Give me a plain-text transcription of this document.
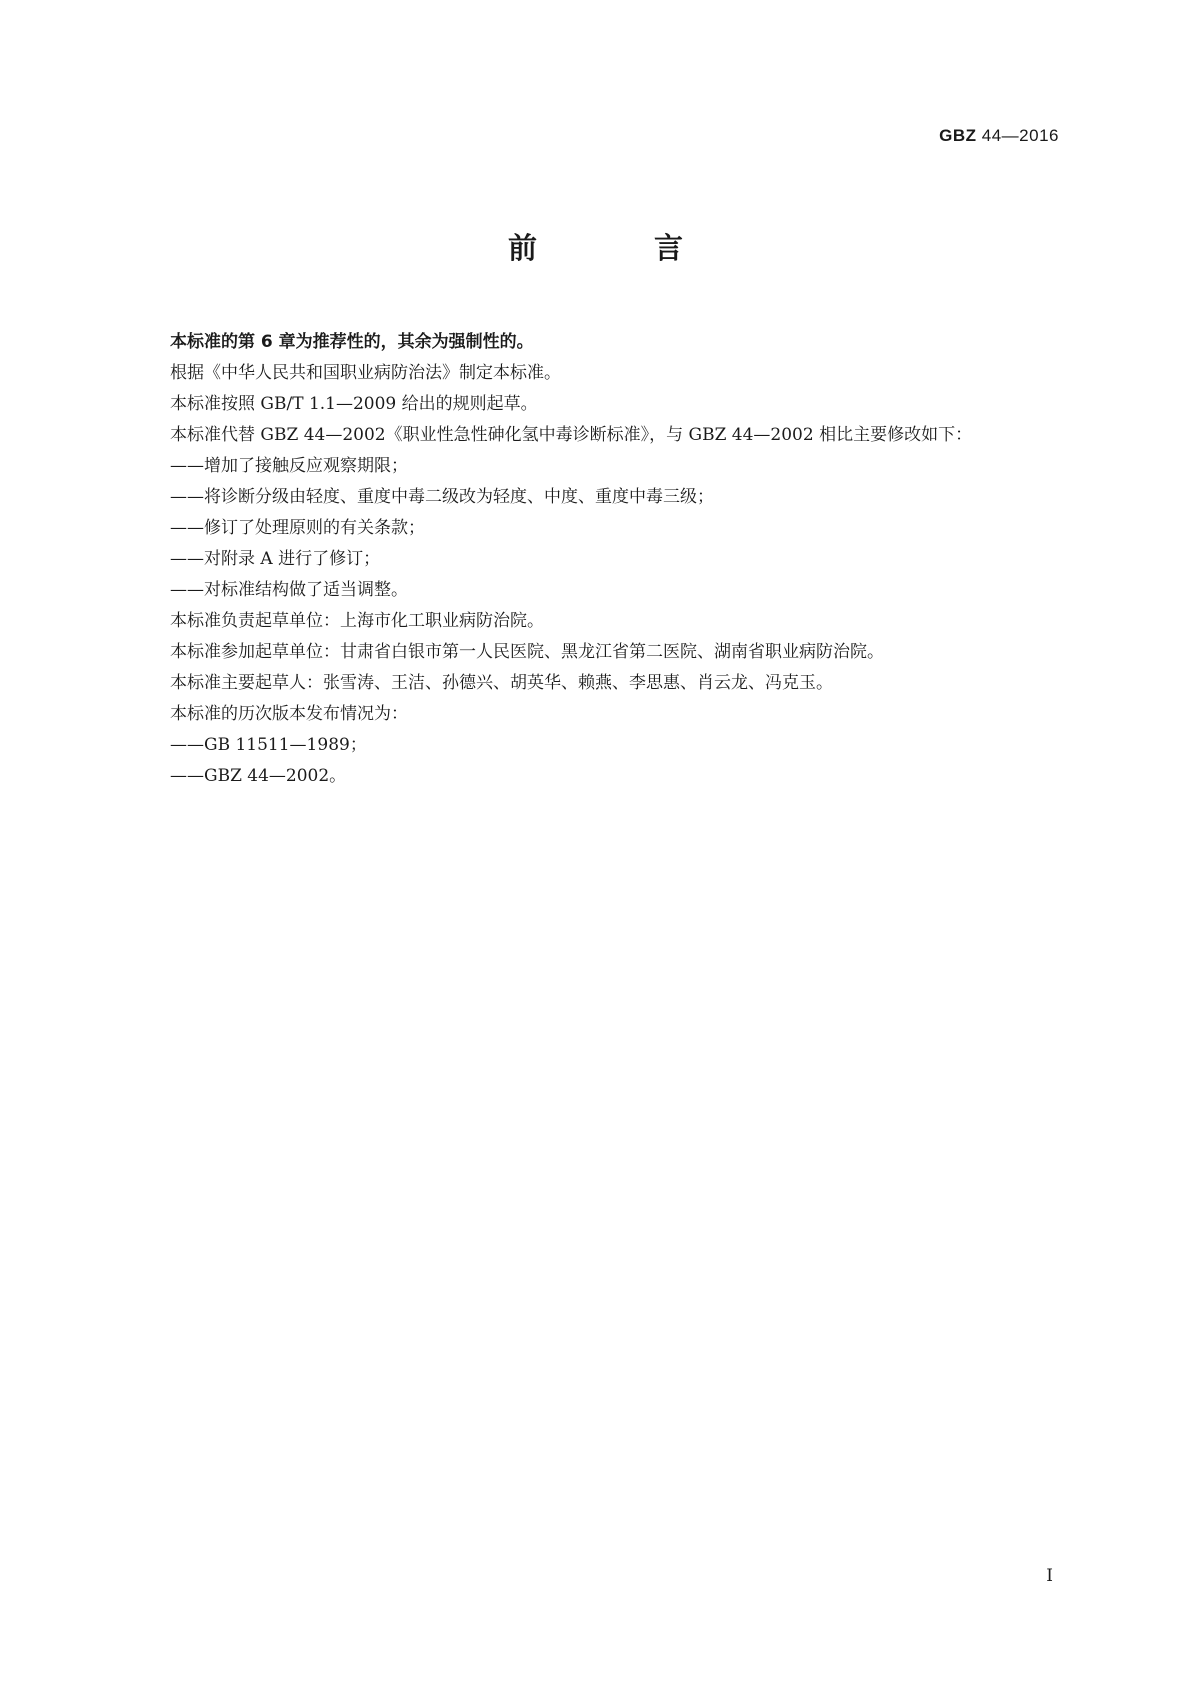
GBZ 44—2016
前　言

本标准的第 6 章为推荐性的，其余为强制性的。

根据《中华人民共和国职业病防治法》制定本标准。

本标准按照 GB/T 1.1—2009 给出的规则起草。

本标准代替 GBZ 44—2002《职业性急性砷化氢中毒诊断标准》，与 GBZ 44—2002 相比主要修改如下：

——增加了接触反应观察期限；

——将诊断分级由轻度、重度中毒二级改为轻度、中度、重度中毒三级；

——修订了处理原则的有关条款；

——对附录 A 进行了修订；

——对标准结构做了适当调整。

本标准负责起草单位：上海市化工职业病防治院。

本标准参加起草单位：甘肃省白银市第一人民医院、黑龙江省第二医院、湖南省职业病防治院。

本标准主要起草人：张雪涛、王洁、孙德兴、胡英华、赖燕、李思惠、肖云龙、冯克玉。

本标准的历次版本发布情况为：

——GB 11511—1989；

——GBZ 44—2002。

I
